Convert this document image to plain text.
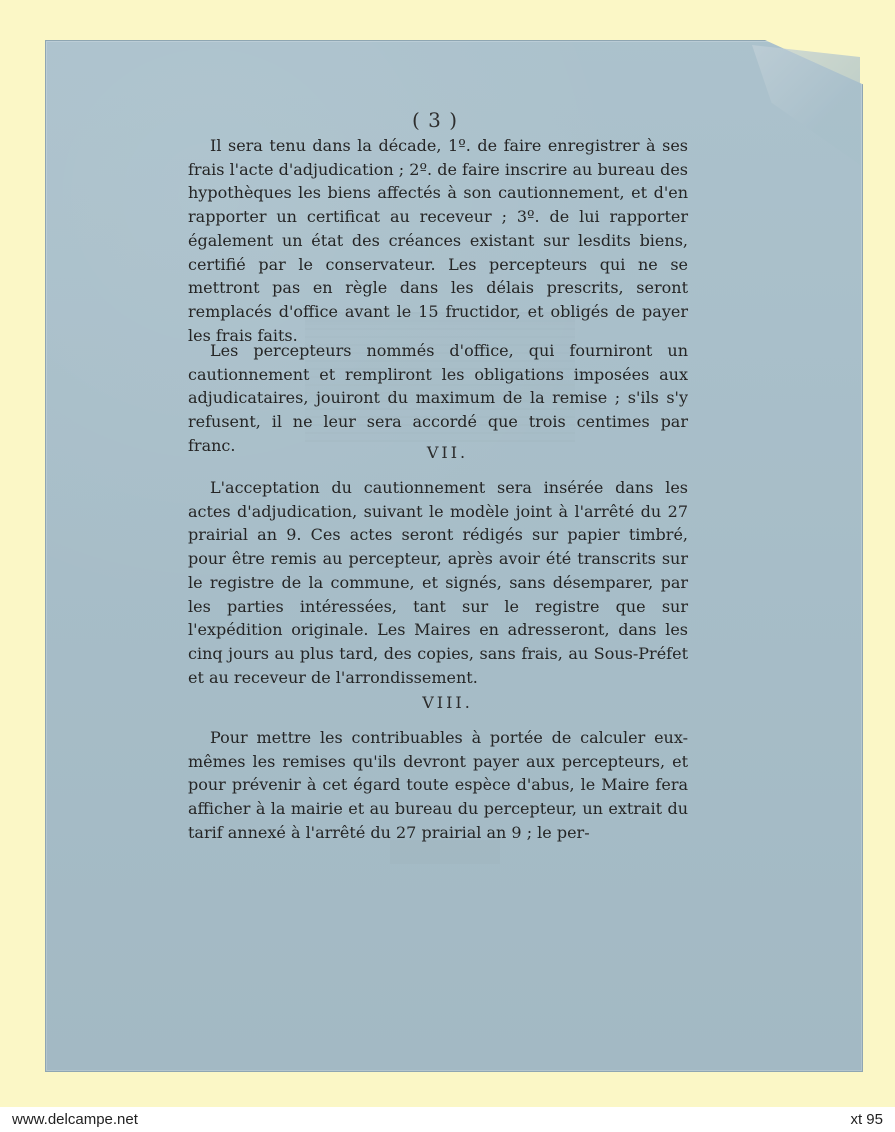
( 3 )

Il sera tenu dans la décade, 1º. de faire enregistrer à ses frais l'acte d'adjudication ; 2º. de faire inscrire au bureau des hypothèques les biens affectés à son cautionnement, et d'en rapporter un certificat au receveur ; 3º. de lui rapporter également un état des créances existant sur lesdits biens, certifié par le conservateur. Les percepteurs qui ne se mettront pas en règle dans les délais prescrits, seront remplacés d'office avant le 15 fructidor, et obligés de payer les frais faits.

Les percepteurs nommés d'office, qui fourniront un cautionnement et rempliront les obligations imposées aux adjudicataires, jouiront du maximum de la remise ; s'ils s'y refusent, il ne leur sera accordé que trois centimes par franc.	VII.

L'acceptation du cautionnement sera insérée dans les actes d'adjudication, suivant le modèle joint à l'arrêté du 27 prairial an 9. Ces actes seront rédigés sur papier timbré, pour être remis au percepteur, après avoir été transcrits sur le registre de la commune, et signés, sans désemparer, par les parties intéressées, tant sur le registre que sur l'expédition originale. Les Maires en adresseront, dans les cinq jours au plus tard, des copies, sans frais, au Sous-Préfet et au receveur de l'arrondissement.

VIII.

Pour mettre les contribuables à portée de calculer eux-mêmes les remises qu'ils devront payer aux percepteurs, et pour prévenir à cet égard toute espèce d'abus, le Maire fera afficher à la mairie et au bureau du percepteur, un extrait du tarif annexé à l'arrêté du 27 prairial an 9 ; le per-

www.delcampe.net	xt 95
